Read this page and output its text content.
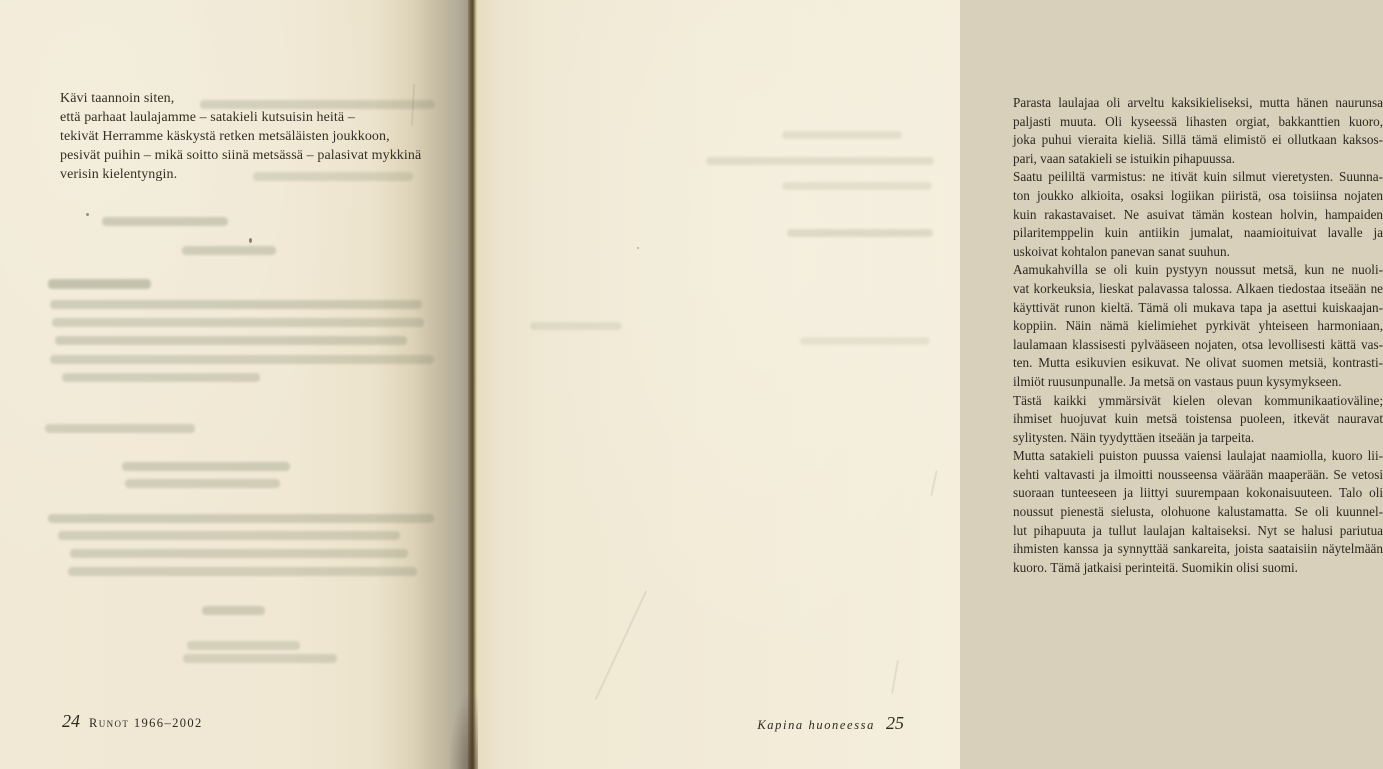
Kävi taannoin siten,
että parhaat laulajamme – satakieli kutsuisin heitä –
tekivät Herramme käskystä retken metsäläisten joukkoon,
pesivät puihin – mikä soitto siinä metsässä – palasivat mykkinä
verisin kielentyngin.
24 Runot 1966–2002
Parasta laulajaa oli arveltu kaksikieliseksi, mutta hänen naurunsa
paljasti muuta. Oli kyseessä lihasten orgiat, bakkanttien kuoro,
joka puhui vieraita kieliä. Sillä tämä elimistö ei ollutkaan kaksos-
pari, vaan satakieli se istuikin pihapuussa.
Saatu peililtä varmistus: ne itivät kuin silmut vieretysten. Suunna-
ton joukko alkioita, osaksi logiikan piiristä, osa toisiinsa nojaten
kuin rakastavaiset. Ne asuivat tämän kostean holvin, hampaiden
pilaritemppelin kuin antiikin jumalat, naamioituivat lavalle ja
uskoivat kohtalon panevan sanat suuhun.
Aamukahvilla se oli kuin pystyyn noussut metsä, kun ne nuoli-
vat korkeuksia, lieskat palavassa talossa. Alkaen tiedostaa itseään ne
käyttivät runon kieltä. Tämä oli mukava tapa ja asettui kuiskaajan-
koppiin. Näin nämä kielimiehet pyrkivät yhteiseen harmoniaan,
laulamaan klassisesti pylvääseen nojaten, otsa levollisesti kättä vas-
ten. Mutta esikuvien esikuvat. Ne olivat suomen metsiä, kontrasti-
ilmiöt ruusunpunalle. Ja metsä on vastaus puun kysymykseen.
Tästä kaikki ymmärsivät kielen olevan kommunikaatioväline;
ihmiset huojuvat kuin metsä toistensa puoleen, itkevät nauravat
sylitysten. Näin tyydyttäen itseään ja tarpeita.
Mutta satakieli puiston puussa vaiensi laulajat naamiolla, kuoro lii-
kehti valtavasti ja ilmoitti nousseensa väärään maaperään. Se vetosi
suoraan tunteeseen ja liittyi suurempaan kokonaisuuteen. Talo oli
noussut pienestä sielusta, olohuone kalustamatta. Se oli kuunnel-
lut pihapuuta ja tullut laulajan kaltaiseksi. Nyt se halusi pariutua
ihmisten kanssa ja synnyttää sankareita, joista saataisiin näytelmään
kuoro. Tämä jatkaisi perinteitä. Suomikin olisi suomi.
Kapina huoneessa 25
